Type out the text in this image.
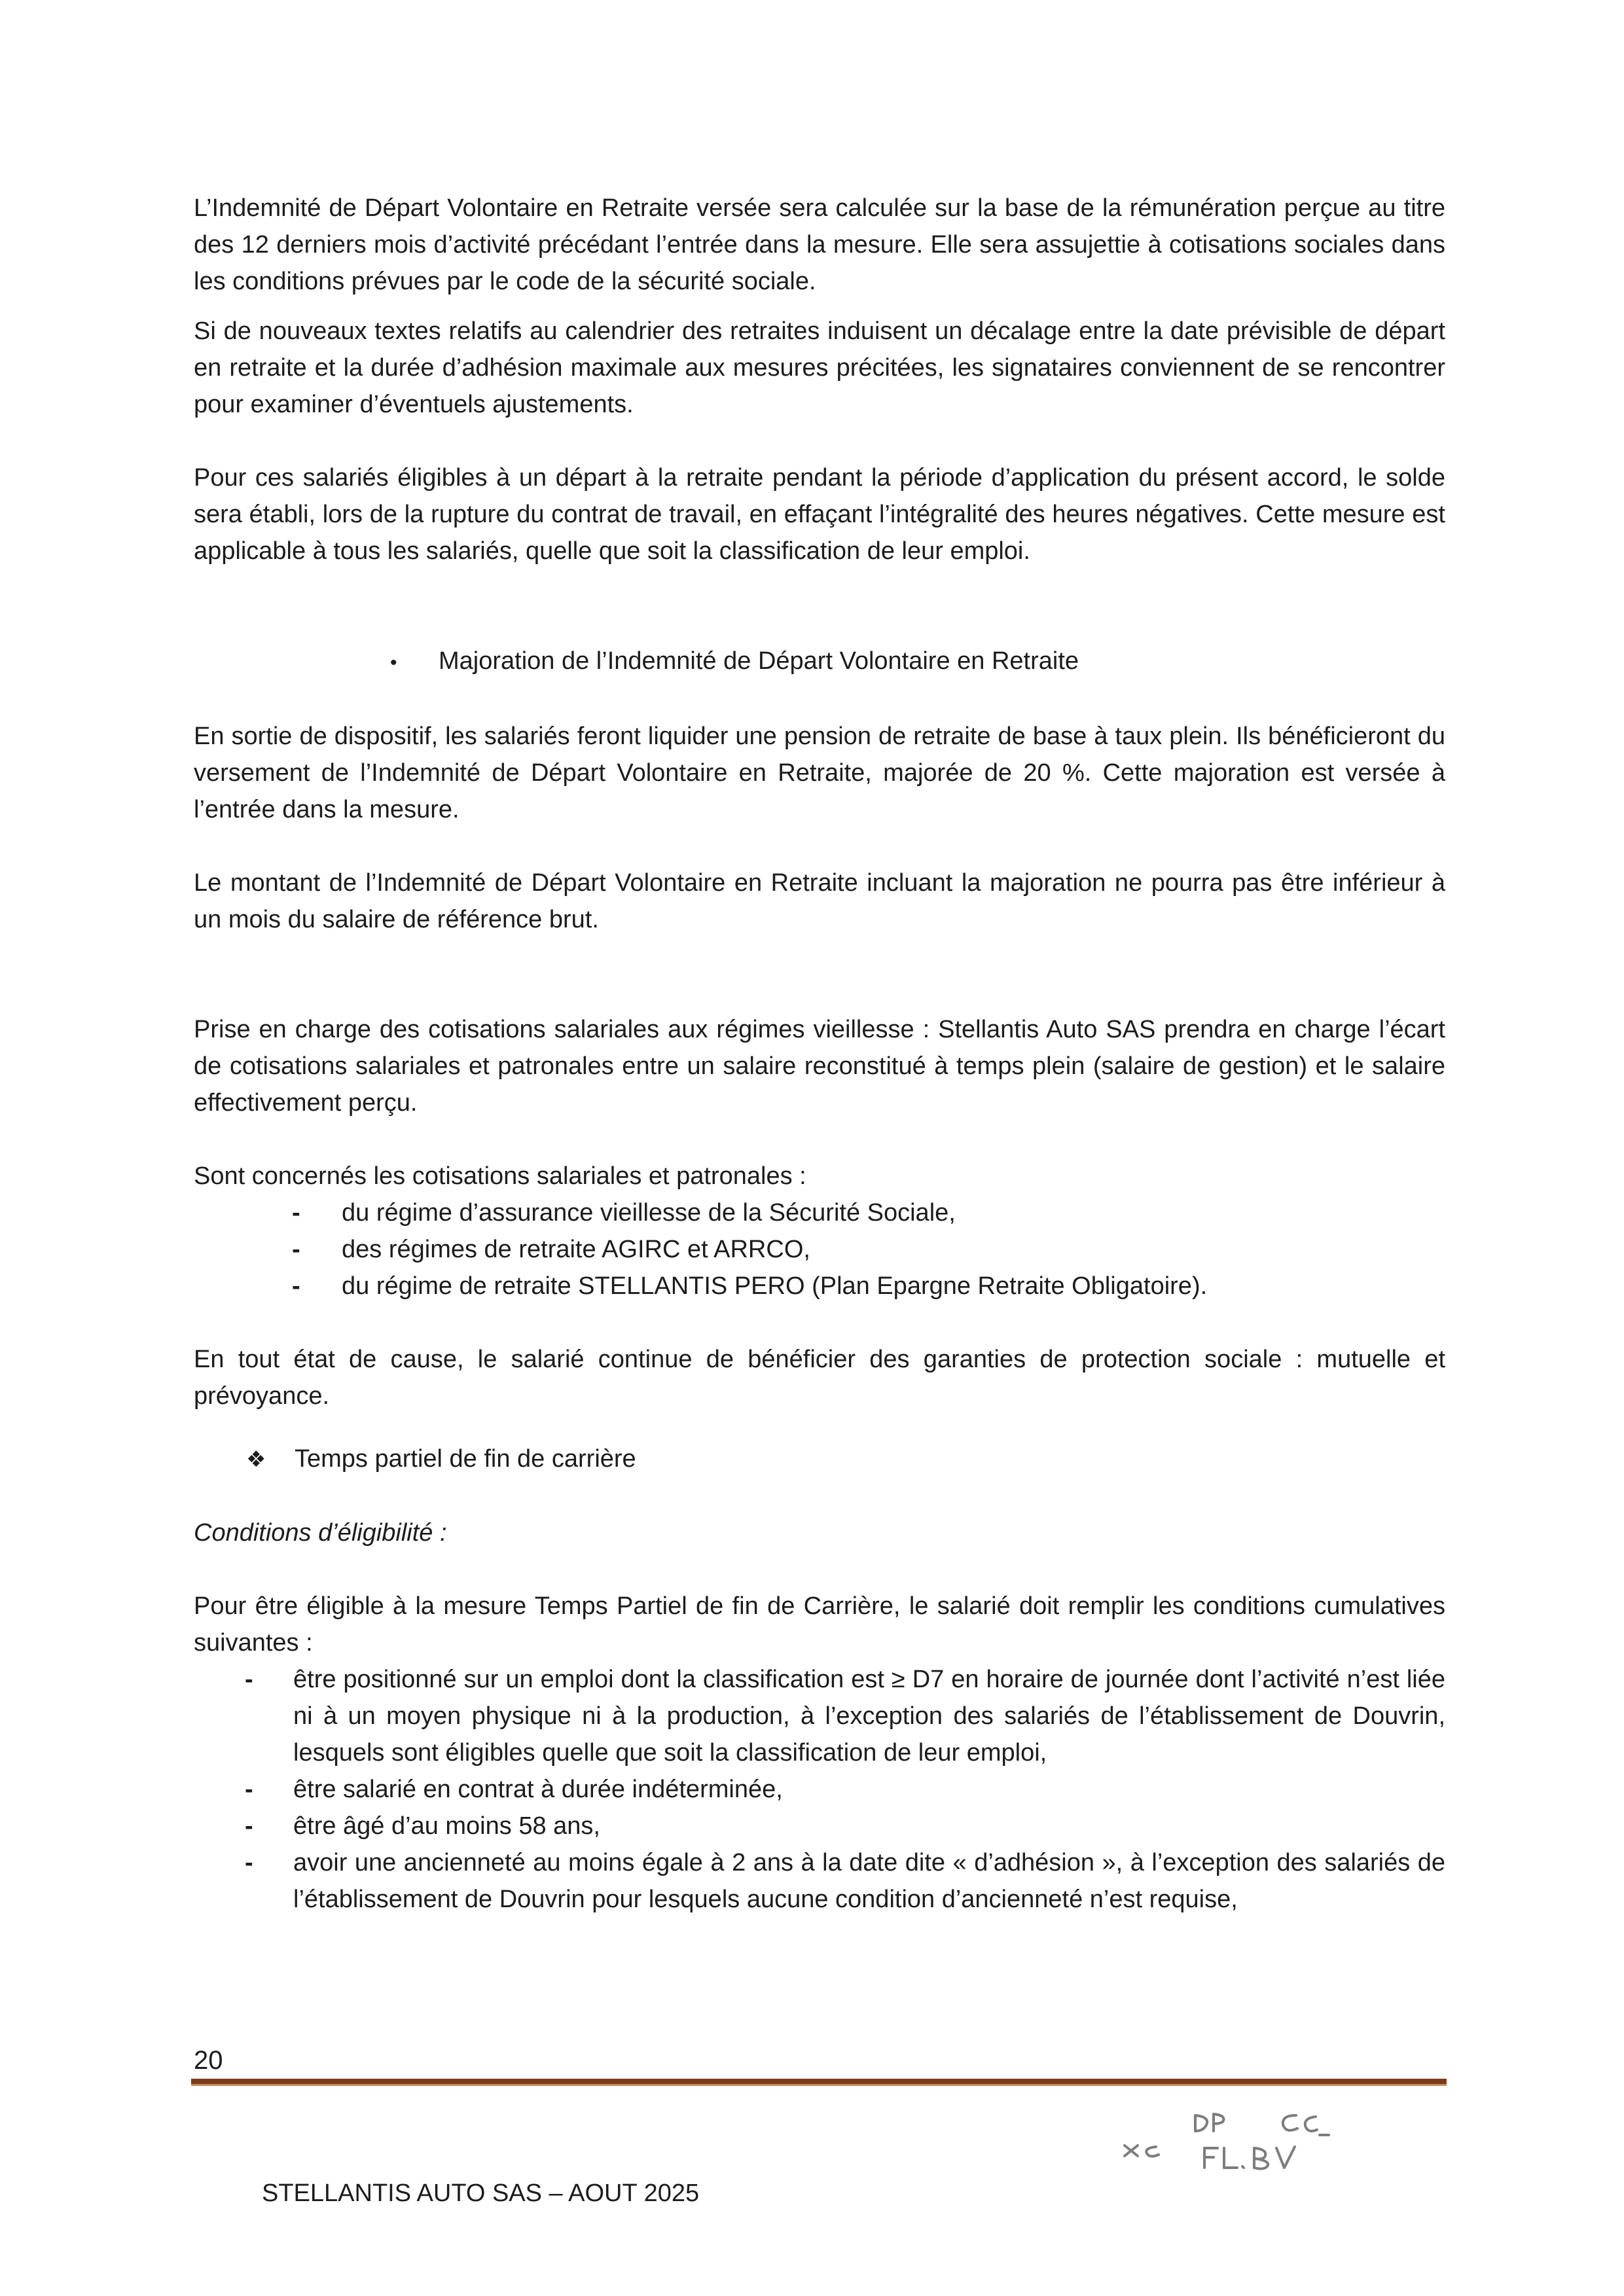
L’Indemnité de Départ Volontaire en Retraite versée sera calculée sur la base de la rémunération perçue au titre des 12 derniers mois d’activité précédant l’entrée dans la mesure. Elle sera assujettie à cotisations sociales dans les conditions prévues par le code de la sécurité sociale.

Si de nouveaux textes relatifs au calendrier des retraites induisent un décalage entre la date prévisible de départ en retraite et la durée d’adhésion maximale aux mesures précitées, les signataires conviennent de se rencontrer pour examiner d’éventuels ajustements.

Pour ces salariés éligibles à un départ à la retraite pendant la période d’application du présent accord, le solde sera établi, lors de la rupture du contrat de travail, en effaçant l’intégralité des heures négatives. Cette mesure est applicable à tous les salariés, quelle que soit la classification de leur emploi.

•	Majoration de l’Indemnité de Départ Volontaire en Retraite

En sortie de dispositif, les salariés feront liquider une pension de retraite de base à taux plein. Ils bénéficieront du versement de l’Indemnité de Départ Volontaire en Retraite, majorée de 20 %. Cette majoration est versée à l’entrée dans la mesure.

Le montant de l’Indemnité de Départ Volontaire en Retraite incluant la majoration ne pourra pas être inférieur à un mois du salaire de référence brut.

Prise en charge des cotisations salariales aux régimes vieillesse : Stellantis Auto SAS prendra en charge l’écart de cotisations salariales et patronales entre un salaire reconstitué à temps plein (salaire de gestion) et le salaire effectivement perçu.

Sont concernés les cotisations salariales et patronales :

-	du régime d’assurance vieillesse de la Sécurité Sociale,
-	des régimes de retraite AGIRC et ARRCO,
-	du régime de retraite STELLANTIS PERO (Plan Epargne Retraite Obligatoire).

En tout état de cause, le salarié continue de bénéficier des garanties de protection sociale : mutuelle et prévoyance.

❖	Temps partiel de fin de carrière

Conditions d’éligibilité :

Pour être éligible à la mesure Temps Partiel de fin de Carrière, le salarié doit remplir les conditions cumulatives suivantes :

-	être positionné sur un emploi dont la classification est ≥ D7 en horaire de journée dont l’activité n’est liée ni à un moyen physique ni à la production, à l’exception des salariés de l’établissement de Douvrin, lesquels sont éligibles quelle que soit la classification de leur emploi,
-	être salarié en contrat à durée indéterminée,
-	être âgé d’au moins 58 ans,
-	avoir une ancienneté au moins égale à 2 ans à la date dite « d’adhésion », à l’exception des salariés de l’établissement de Douvrin pour lesquels aucune condition d’ancienneté n’est requise,
20
STELLANTIS AUTO SAS – AOUT 2025
